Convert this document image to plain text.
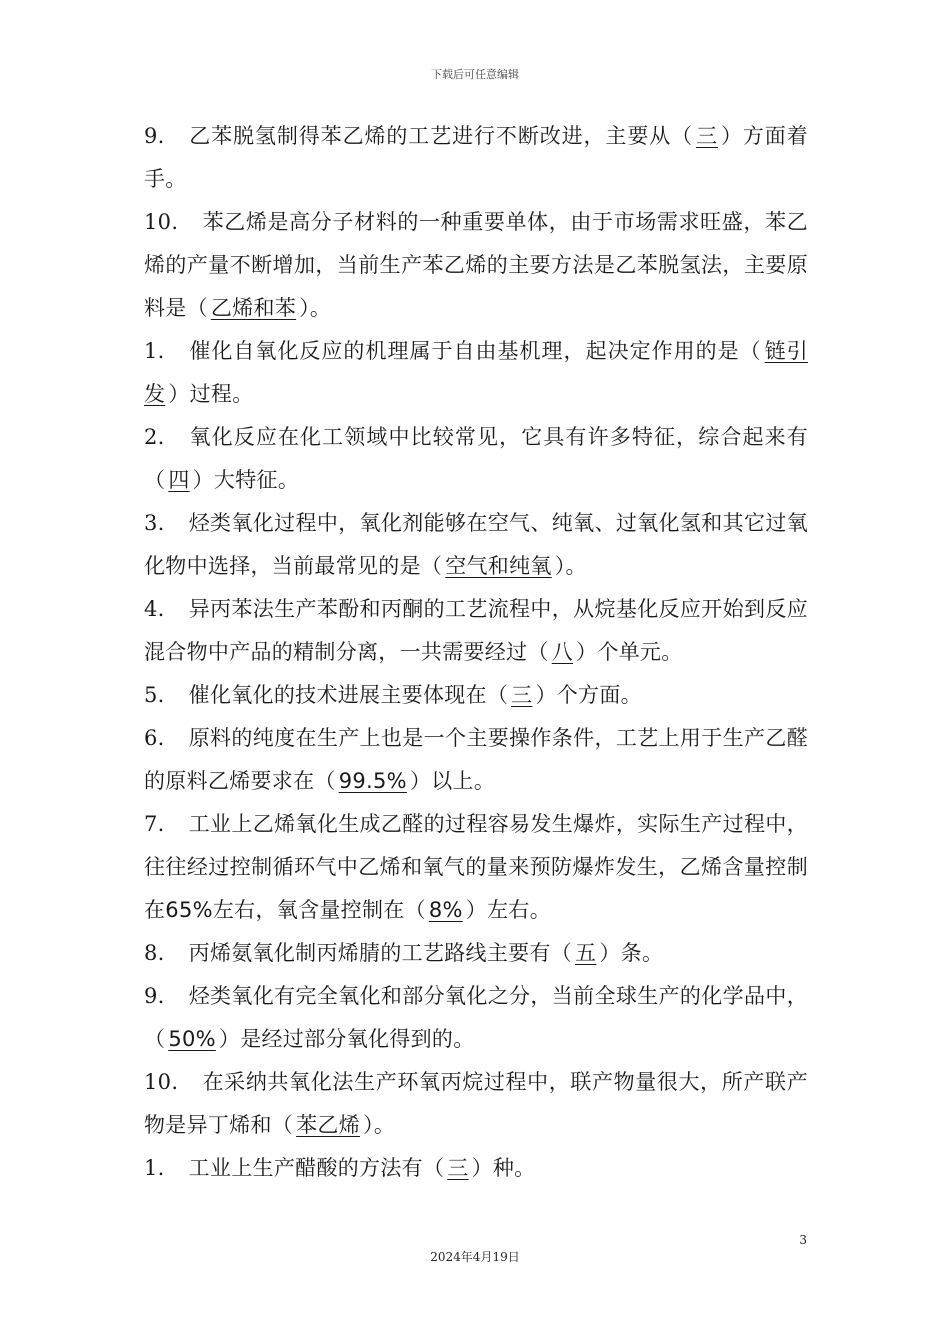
下载后可任意编辑

9. 乙苯脱氢制得苯乙烯的工艺进行不断改进，主要从（ 三 ）方面着手。

10. 苯乙烯是高分子材料的一种重要单体，由于市场需求旺盛，苯乙烯的产量不断增加，当前生产苯乙烯的主要方法是乙苯脱氢法，主要原料是（ 乙烯和苯 ）。

1. 催化自氧化反应的机理属于自由基机理，起决定作用的是（ 链引发 ）过程。

2. 氧化反应在化工领域中比较常见，它具有许多特征，综合起来有（ 四 ）大特征。

3. 烃类氧化过程中，氧化剂能够在空气、纯氧、过氧化氢和其它过氧化物中选择，当前最常见的是（ 空气和纯氧 ）。

4. 异丙苯法生产苯酚和丙酮的工艺流程中，从烷基化反应开始到反应混合物中产品的精制分离，一共需要经过（ 八 ）个单元。

5. 催化氧化的技术进展主要体现在（ 三 ）个方面。

6. 原料的纯度在生产上也是一个主要操作条件，工艺上用于生产乙醛的原料乙烯要求在（ 99.5% ）以上。

7. 工业上乙烯氧化生成乙醛的过程容易发生爆炸，实际生产过程中，往往经过控制循环气中乙烯和氧气的量来预防爆炸发生，乙烯含量控制在65%左右，氧含量控制在（ 8% ）左右。

8. 丙烯氨氧化制丙烯腈的工艺路线主要有（ 五 ）条。

9. 烃类氧化有完全氧化和部分氧化之分，当前全球生产的化学品中，（ 50% ）是经过部分氧化得到的。

10. 在采纳共氧化法生产环氧丙烷过程中，联产物量很大，所产联产物是异丁烯和（ 苯乙烯 ）。

1. 工业上生产醋酸的方法有（ 三 ）种。

3
2024年4月19日
